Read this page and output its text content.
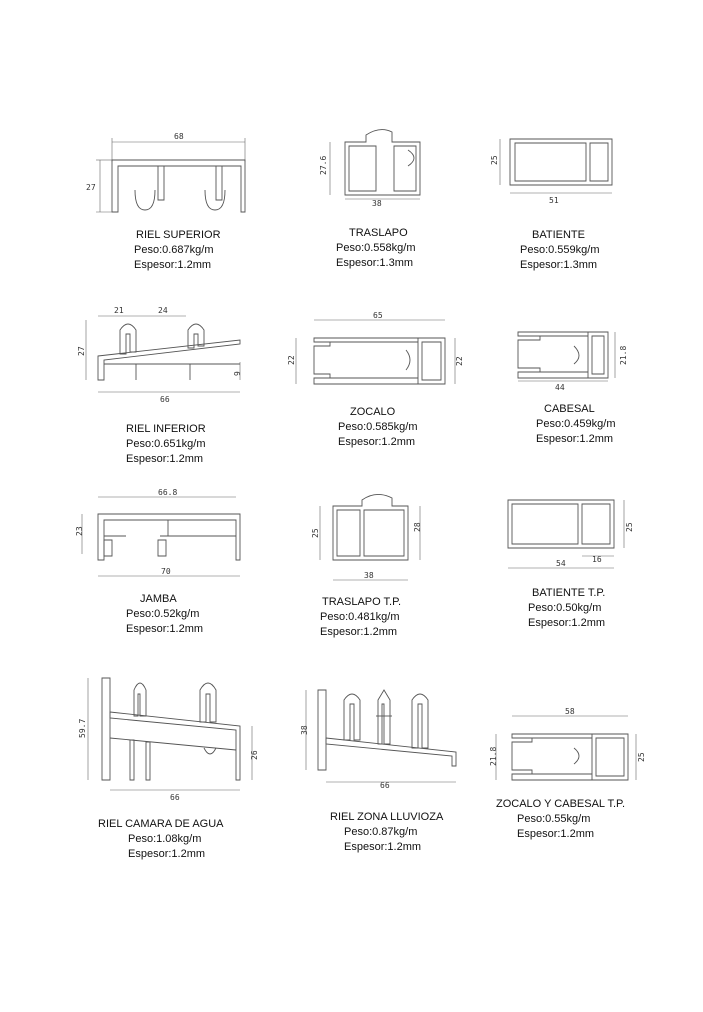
68
27
RIEL SUPERIOR
Peso:0.687kg/m
Espesor:1.2mm
27.6
38
TRASLAPO
Peso:0.558kg/m
Espesor:1.3mm
25
51
BATIENTE
Peso:0.559kg/m
Espesor:1.3mm
21	24
27
9
66
RIEL INFERIOR
Peso:0.651kg/m
Espesor:1.2mm
65
22	22
ZOCALO
Peso:0.585kg/m
Espesor:1.2mm
21.8
44
CABESAL
Peso:0.459kg/m
Espesor:1.2mm
66.8
23
70
JAMBA
Peso:0.52kg/m
Espesor:1.2mm
25
28
38
TRASLAPO T.P.
Peso:0.481kg/m
Espesor:1.2mm
25
54	16
BATIENTE T.P.
Peso:0.50kg/m
Espesor:1.2mm
59.7
26
66
RIEL CAMARA DE AGUA
Peso:1.08kg/m
Espesor:1.2mm
38
66
RIEL ZONA LLUVIOZA
Peso:0.87kg/m
Espesor:1.2mm
58
21.8	25
ZOCALO Y CABESAL T.P.
Peso:0.55kg/m
Espesor:1.2mm
